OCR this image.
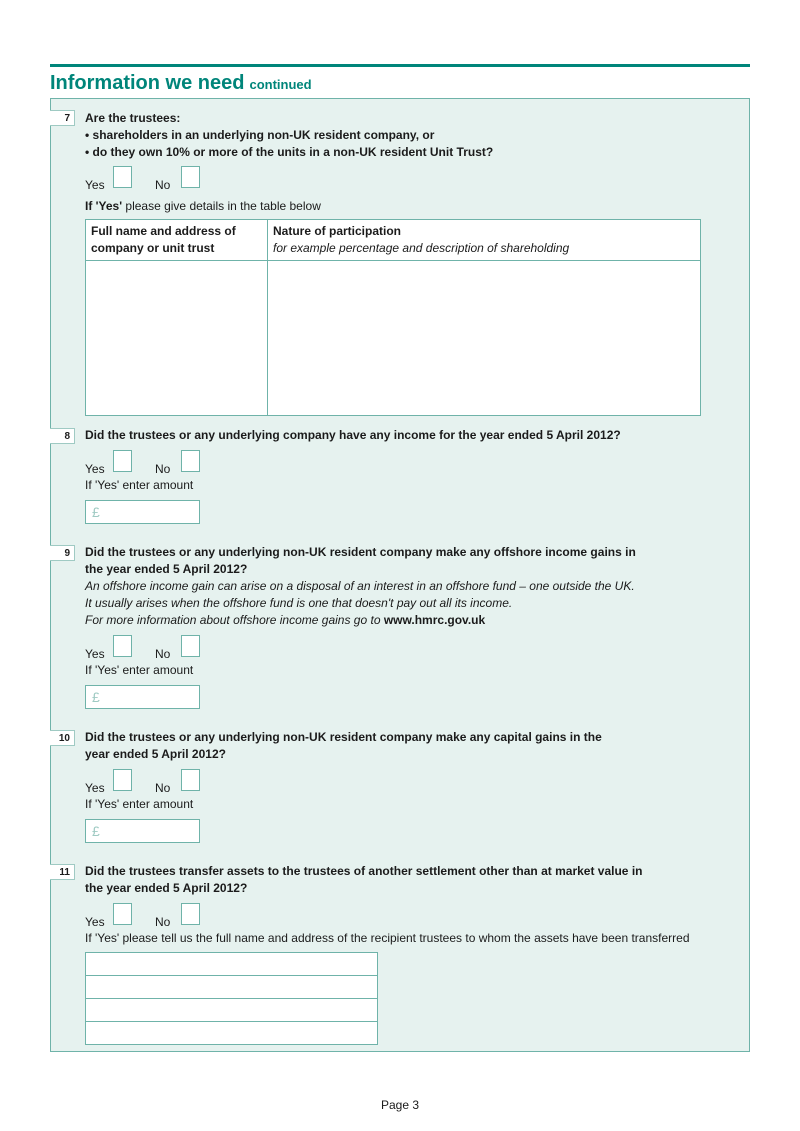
Information we need continued
7	Are the trustees:
• shareholders in an underlying non-UK resident company, or
• do they own 10% or more of the units in a non-UK resident Unit Trust?
Yes	No
If 'Yes' please give details in the table below
Full name and address of company or unit trust	Nature of participation
for example percentage and description of shareholding

8	Did the trustees or any underlying company have any income for the year ended 5 April 2012?
Yes	No
If 'Yes' enter amount
£
9	Did the trustees or any underlying non-UK resident company make any offshore income gains in the year ended 5 April 2012?
An offshore income gain can arise on a disposal of an interest in an offshore fund – one outside the UK.
It usually arises when the offshore fund is one that doesn't pay out all its income.
For more information about offshore income gains go to www.hmrc.gov.uk
Yes	No
If 'Yes' enter amount
£
10	Did the trustees or any underlying non-UK resident company make any capital gains in the year ended 5 April 2012?
Yes	No
If 'Yes' enter amount
£
11	Did the trustees transfer assets to the trustees of another settlement other than at market value in the year ended 5 April 2012?
Yes	No
If 'Yes' please tell us the full name and address of the recipient trustees to whom the assets have been transferred
Page 3
